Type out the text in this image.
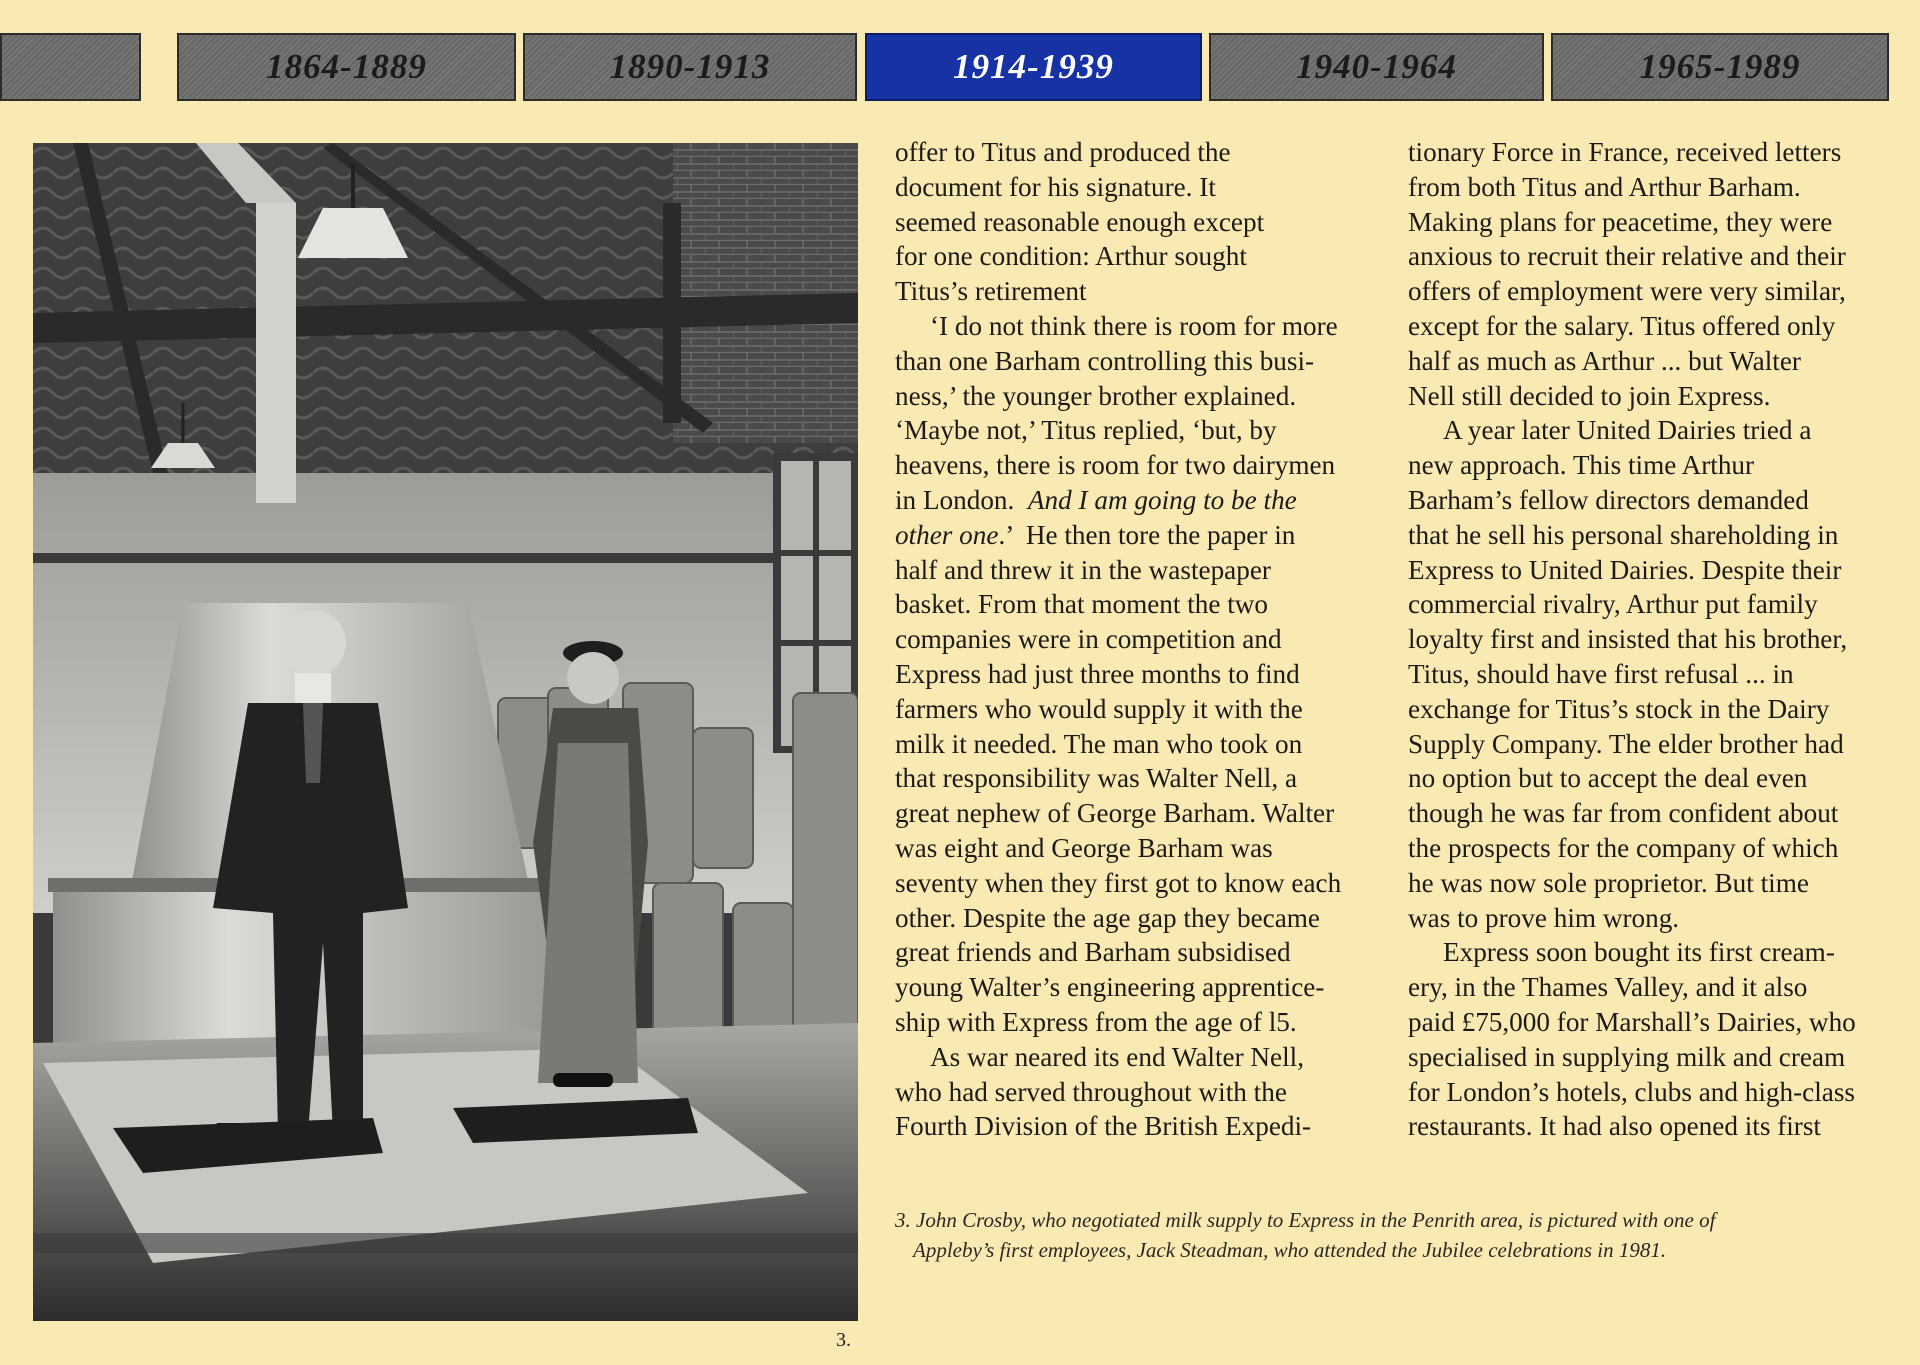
1864-1889	1890-1913	1914-1939	1940-1964	1965-1989

offer to Titus and produced the

document for his signature. It

seemed reasonable enough except

for one condition: Arthur sought

Titus’s retirement

‘I do not think there is room for more

than one Barham controlling this busi-

ness,’ the younger brother explained.

‘Maybe not,’ Titus replied, ‘but, by

heavens, there is room for two dairymen

in London.  And I am going to be the

other one.’  He then tore the paper in

half and threw it in the wastepaper

basket. From that moment the two

companies were in competition and

Express had just three months to find

farmers who would supply it with the

milk it needed. The man who took on

that responsibility was Walter Nell, a

great nephew of George Barham. Walter

was eight and George Barham was

seventy when they first got to know each

other. Despite the age gap they became

great friends and Barham subsidised

young Walter’s engineering apprentice-

ship with Express from the age of l5.

As war neared its end Walter Nell,

who had served throughout with the

Fourth Division of the British Expedi-

tionary Force in France, received letters

from both Titus and Arthur Barham.

Making plans for peacetime, they were

anxious to recruit their relative and their

offers of employment were very similar,

except for the salary. Titus offered only

half as much as Arthur ... but Walter

Nell still decided to join Express.

A year later United Dairies tried a

new approach. This time Arthur

Barham’s fellow directors demanded

that he sell his personal shareholding in

Express to United Dairies. Despite their

commercial rivalry, Arthur put family

loyalty first and insisted that his brother,

Titus, should have first refusal ... in

exchange for Titus’s stock in the Dairy

Supply Company. The elder brother had

no option but to accept the deal even

though he was far from confident about

the prospects for the company of which

he was now sole proprietor. But time

was to prove him wrong.

Express soon bought its first cream-

ery, in the Thames Valley, and it also

paid £75,000 for Marshall’s Dairies, who

specialised in supplying milk and cream

for London’s hotels, clubs and high-class

restaurants. It had also opened its first

3. John Crosby, who negotiated milk supply to Express in the Penrith area, is pictured with one of
Appleby’s first employees, Jack Steadman, who attended the Jubilee celebrations in 1981.
3.
